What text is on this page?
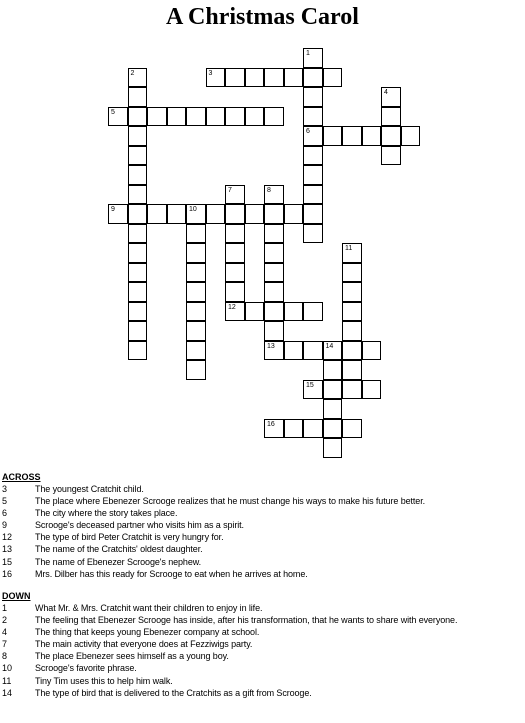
A Christmas Carol
3
5
6
9	10
12
13	14
15
16
1
2
4
7	8
11
ACROSS
3	The youngest Cratchit child.
5	The place where Ebenezer Scrooge realizes that he must change his ways to make his future better.
6	The city where the story takes place.
9	Scrooge's deceased partner who visits him as a spirit.
12	The type of bird Peter Cratchit is very hungry for.
13	The name of the Cratchits' oldest daughter.
15	The name of Ebenezer Scrooge's nephew.
16	Mrs. Dilber has this ready for Scrooge to eat when he arrives at home.
DOWN
1	What Mr. & Mrs. Cratchit want their children to enjoy in life.
2	The feeling that Ebenezer Scrooge has inside, after his transformation, that he wants to share with everyone.
4	The thing that keeps young Ebenezer company at school.
7	The main activity that everyone does at Fezziwigs party.
8	The place Ebenezer sees himself as a young boy.
10	Scrooge's favorite phrase.
11	Tiny Tim uses this to help him walk.
14	The type of bird that is delivered to the Cratchits as a gift from Scrooge.
